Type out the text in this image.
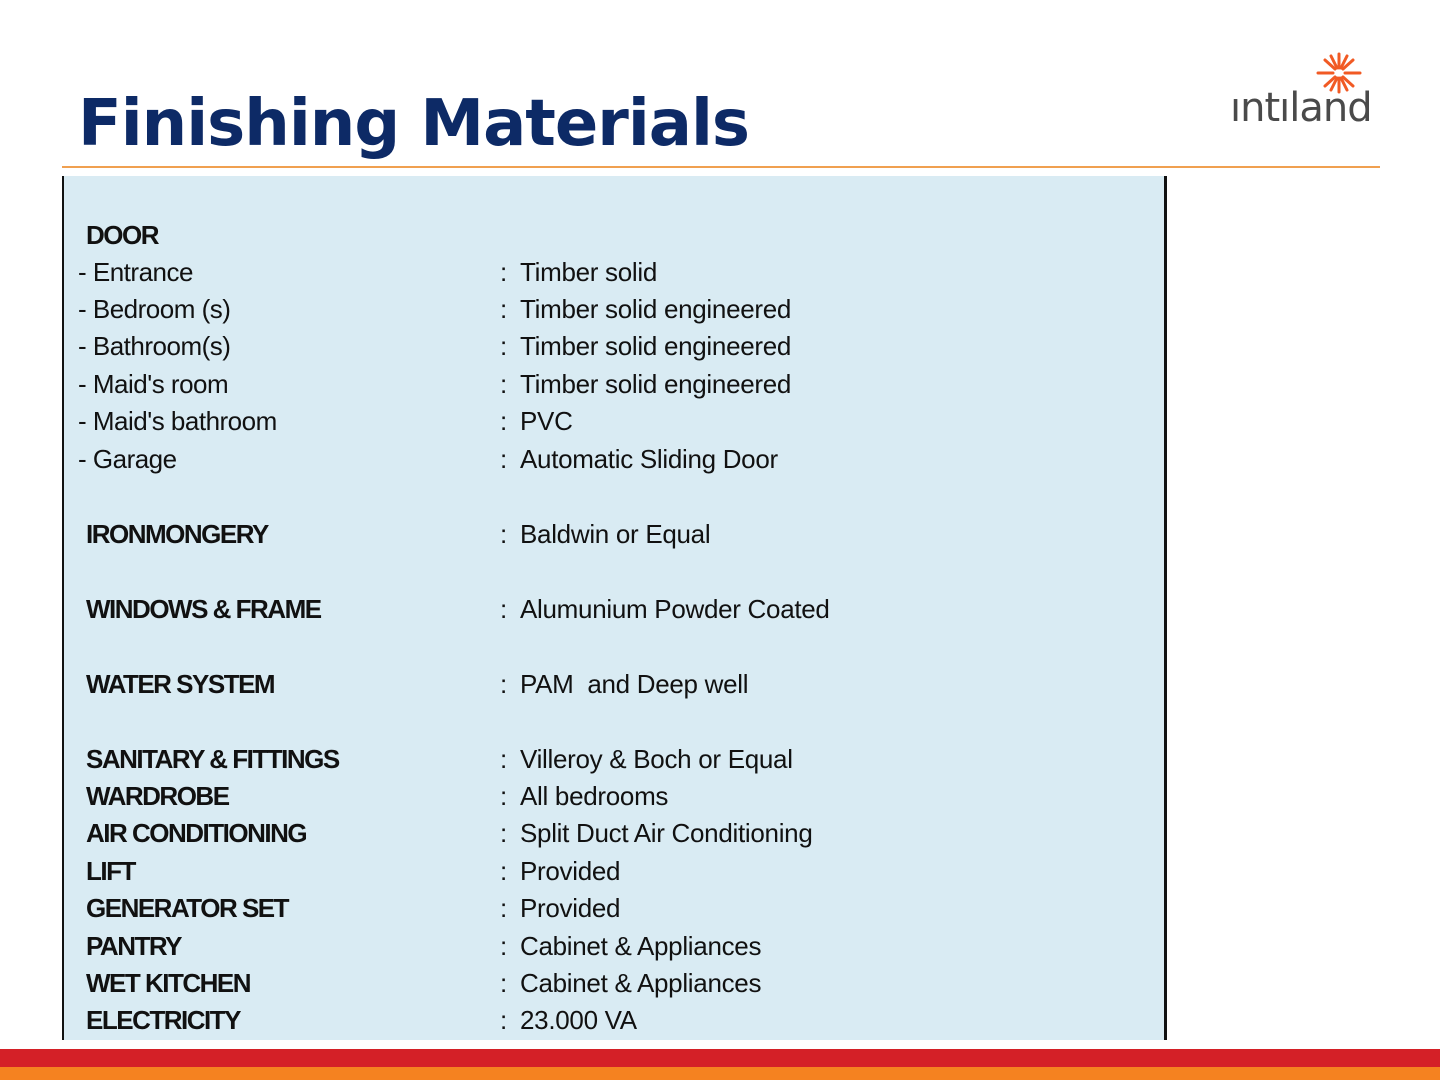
Finishing Materials	ıntıland
DOOR
- Entrance	: Timber solid
- Bedroom (s)	: Timber solid engineered
- Bathroom(s)	: Timber solid engineered
- Maid's room	: Timber solid engineered
- Maid's bathroom	: PVC
- Garage	: Automatic Sliding Door
IRONMONGERY	: Baldwin or Equal
WINDOWS & FRAME	: Alumunium Powder Coated
WATER SYSTEM	: PAM  and Deep well
SANITARY & FITTINGS	: Villeroy & Boch or Equal
WARDROBE	: All bedrooms
AIR CONDITIONING	: Split Duct Air Conditioning
LIFT	: Provided
GENERATOR SET	: Provided
PANTRY	: Cabinet & Appliances
WET KITCHEN	: Cabinet & Appliances
ELECTRICITY	: 23.000 VA
